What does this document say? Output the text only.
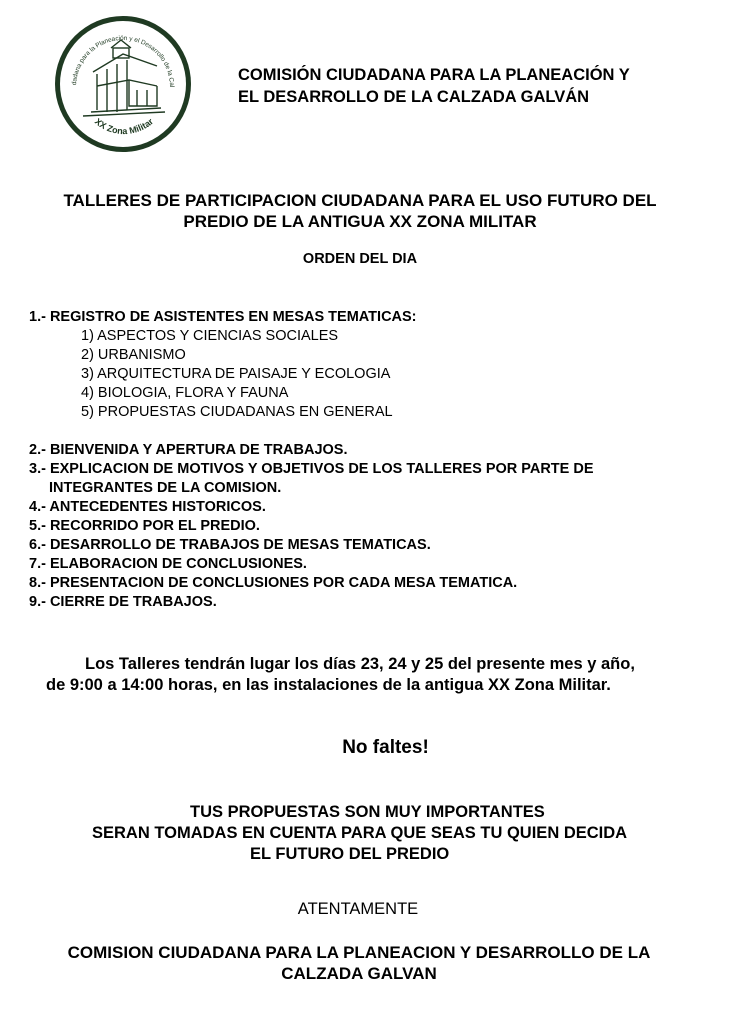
dadana para la Planeación y el Desarrollo de la Cal
XX Zona Militar
COMISIÓN CIUDADANA PARA LA PLANEACIÓN Y
EL DESARROLLO DE LA CALZADA GALVÁN
TALLERES DE PARTICIPACION CIUDADANA PARA EL USO FUTURO DEL
PREDIO DE LA ANTIGUA XX ZONA MILITAR
ORDEN DEL DIA
1.- REGISTRO DE ASISTENTES EN MESAS TEMATICAS:
1) ASPECTOS Y CIENCIAS SOCIALES
2) URBANISMO
3) ARQUITECTURA DE PAISAJE Y ECOLOGIA
4) BIOLOGIA, FLORA Y FAUNA
5) PROPUESTAS CIUDADANAS EN GENERAL
2.- BIENVENIDA Y APERTURA DE TRABAJOS.
3.- EXPLICACION DE MOTIVOS Y OBJETIVOS DE LOS TALLERES POR PARTE DE
INTEGRANTES DE LA COMISION.
4.- ANTECEDENTES HISTORICOS.
5.- RECORRIDO POR EL PREDIO.
6.- DESARROLLO DE TRABAJOS DE MESAS TEMATICAS.
7.- ELABORACION DE CONCLUSIONES.
8.- PRESENTACION DE CONCLUSIONES POR CADA MESA TEMATICA.
9.- CIERRE DE TRABAJOS.
Los Talleres tendrán lugar los días 23, 24 y 25 del presente mes y año,
de 9:00 a 14:00 horas, en las instalaciones de la antigua XX Zona Militar.
No faltes!
TUS PROPUESTAS SON MUY IMPORTANTES
SERAN TOMADAS EN CUENTA PARA QUE SEAS TU QUIEN DECIDA
EL FUTURO DEL PREDIO
ATENTAMENTE
COMISION CIUDADANA PARA LA PLANEACION Y DESARROLLO DE LA
CALZADA GALVAN
